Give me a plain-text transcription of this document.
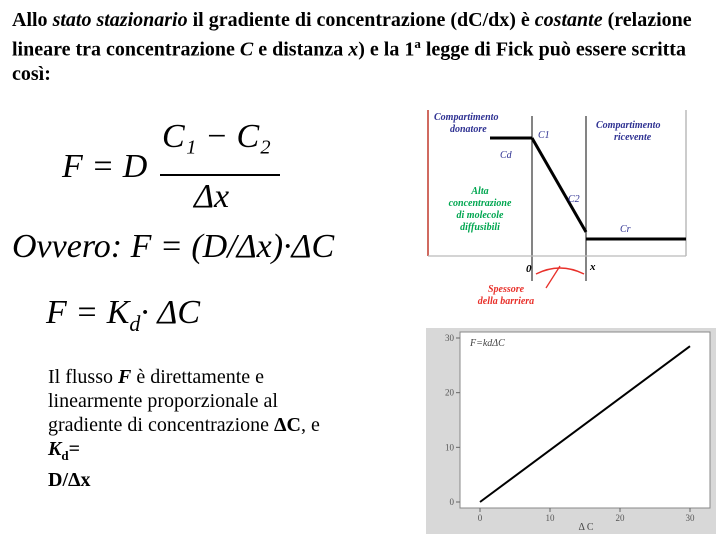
Allo stato stazionario il gradiente di concentrazione (dC/dx) è costante (relazione lineare tra concentrazione C e distanza x) e la 1$^a$ legge di Fick può essere scritta così:
F = D
C₁ − C₂
Δx
Ovvero: F = (D/Δx)·ΔC
$F = K_d\cdot \Delta C$
Il flusso F è direttamente e linearmente proporzionale al gradiente di concentrazione ΔC, e $K_d=$
D/Δx
Compartimento donatore	Compartimento ricevente
C1
Cd
C2
Cr
Alta concentrazione di molecole diffusibili
0	x
Spessore della barriera
0	10	20	30
0
10
20
30 F=kdΔC
Δ C
